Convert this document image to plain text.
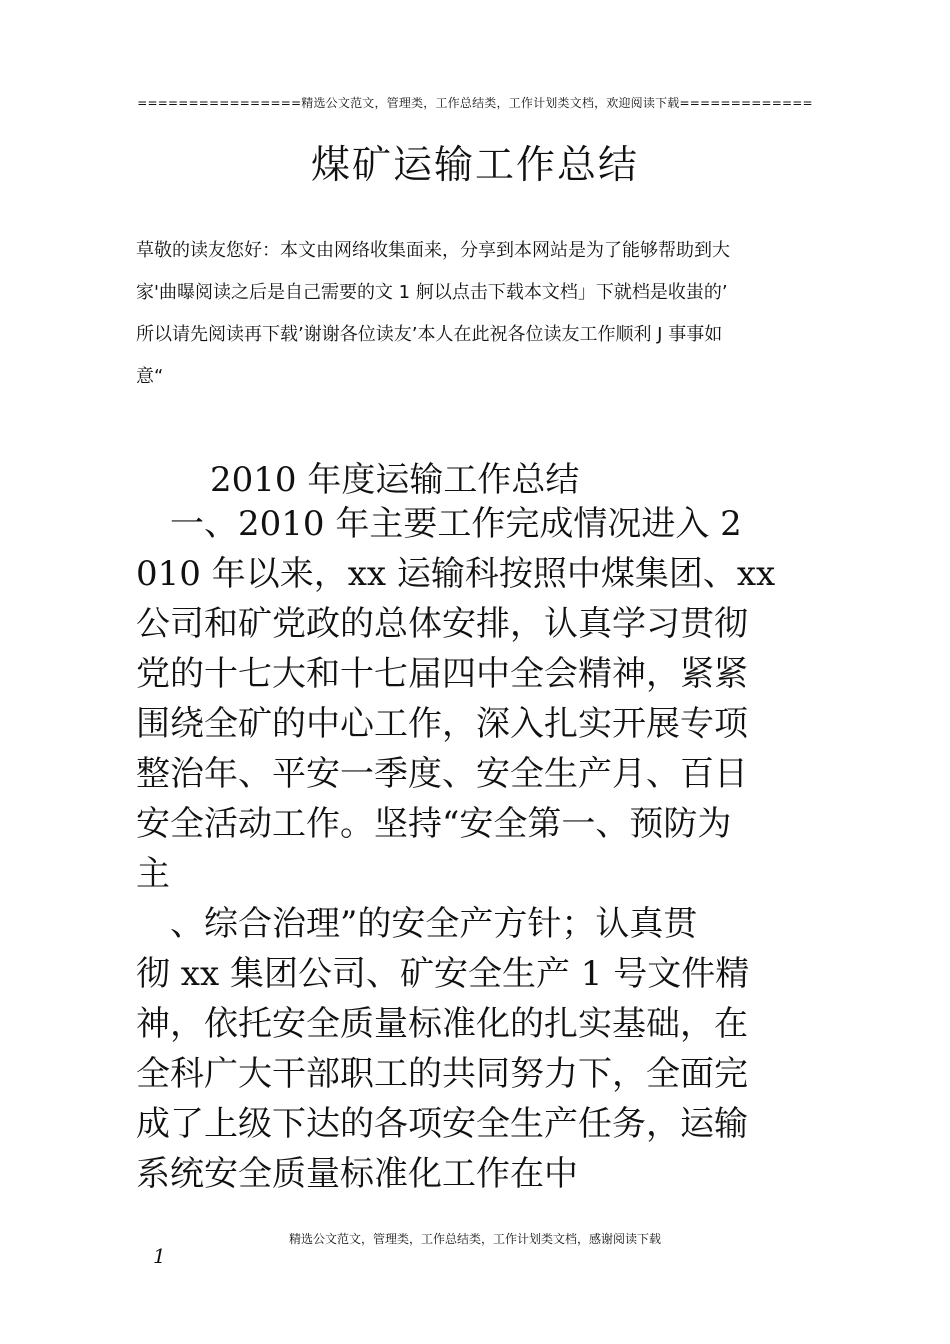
================精选公文范文，管理类，工作总结类，工作计划类文档，欢迎阅读下载=============
煤矿运输工作总结
草敬的读友您好：本文由网络收集面来，分享到本网站是为了能够帮助到大
家'曲曝阅读之后是自己需要的文 1 舸以点击下载本文档」下就档是收蚩的’
所以请先阅读再下载’谢谢各位读友’本人在此祝各位读友工作顺利 J 事事如
意“
2010 年度运输工作总结
　一、2010 年主要工作完成情况进入 2
010 年以来，xx 运输科按照中煤集团、xx
公司和矿党政的总体安排，认真学习贯彻
党的十七大和十七届四中全会精神，紧紧
围绕全矿的中心工作，深入扎实开展专项
整治年、平安一季度、安全生产月、百日
安全活动工作。坚持“安全第一、预防为
主
　、综合治理”的安全产方针；认真贯
彻 xx 集团公司、矿安全生产 1 号文件精
神，依托安全质量标准化的扎实基础，在
全科广大干部职工的共同努力下，全面完
成了上级下达的各项安全生产任务，运输
系统安全质量标准化工作在中
精选公文范文，管理类，工作总结类，工作计划类文档，感谢阅读下载
1
